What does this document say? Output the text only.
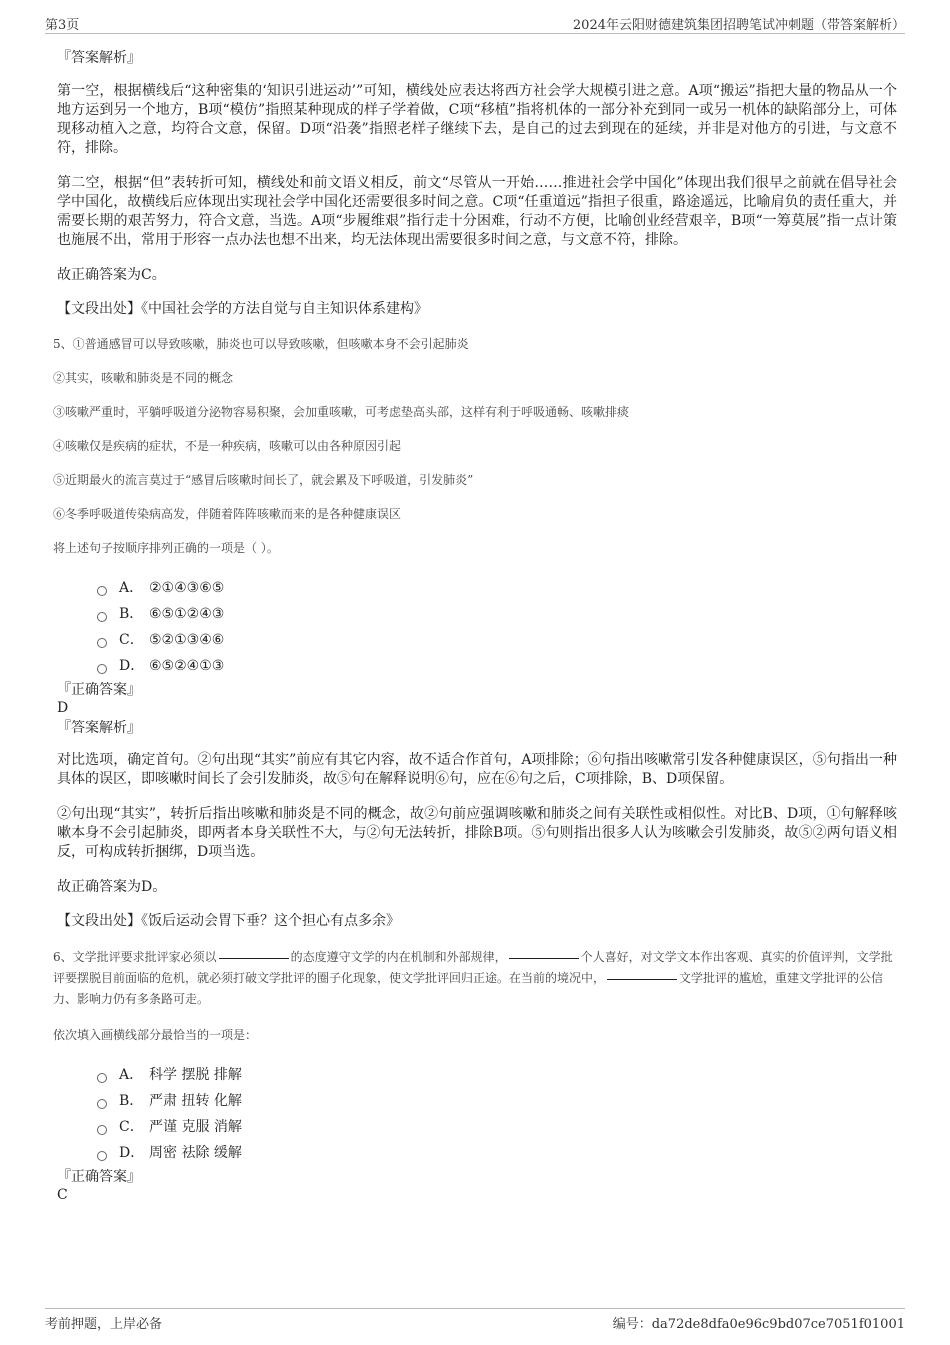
第3页	2024年云阳财德建筑集团招聘笔试冲刺题（带答案解析）
『答案解析』

第一空，根据横线后“这种密集的‘知识引进运动’”可知，横线处应表达将西方社会学大规模引进之意。A项“搬运”指把大量的物品从一个地方运到另一个地方，B项“模仿”指照某种现成的样子学着做，C项“移植”指将机体的一部分补充到同一或另一机体的缺陷部分上，可体现移动植入之意，均符合文意，保留。D项“沿袭”指照老样子继续下去，是自己的过去到现在的延续，并非是对他方的引进，与文意不符，排除。

第二空，根据“但”表转折可知，横线处和前文语义相反，前文“尽管从一开始……推进社会学中国化”体现出我们很早之前就在倡导社会学中国化，故横线后应体现出实现社会学中国化还需要很多时间之意。C项“任重道远”指担子很重，路途遥远，比喻肩负的责任重大，并需要长期的艰苦努力，符合文意，当选。A项“步履维艰”指行走十分困难，行动不方便，比喻创业经营艰辛，B项“一筹莫展”指一点计策也施展不出，常用于形容一点办法也想不出来，均无法体现出需要很多时间之意，与文意不符，排除。

故正确答案为C。

【文段出处】《中国社会学的方法自觉与自主知识体系建构》
5、①普通感冒可以导致咳嗽，肺炎也可以导致咳嗽，但咳嗽本身不会引起肺炎
②其实，咳嗽和肺炎是不同的概念
③咳嗽严重时，平躺呼吸道分泌物容易积聚，会加重咳嗽，可考虑垫高头部，这样有利于呼吸通畅、咳嗽排痰
④咳嗽仅是疾病的症状，不是一种疾病，咳嗽可以由各种原因引起
⑤近期最火的流言莫过于“感冒后咳嗽时间长了，就会累及下呼吸道，引发肺炎”
⑥冬季呼吸道传染病高发，伴随着阵阵咳嗽而来的是各种健康误区
将上述句子按顺序排列正确的一项是（ ）。
A． ②①④③⑥⑤
B． ⑥⑤①②④③
C． ⑤②①③④⑥
D． ⑥⑤②④①③
『正确答案』
D
『答案解析』

对比选项，确定首句。②句出现“其实”前应有其它内容，故不适合作首句，A项排除；⑥句指出咳嗽常引发各种健康误区，⑤句指出一种具体的误区，即咳嗽时间长了会引发肺炎，故⑤句在解释说明⑥句，应在⑥句之后，C项排除，B、D项保留。

②句出现“其实”，转折后指出咳嗽和肺炎是不同的概念，故②句前应强调咳嗽和肺炎之间有关联性或相似性。对比B、D项，①句解释咳嗽本身不会引起肺炎，即两者本身关联性不大，与②句无法转折，排除B项。⑤句则指出很多人认为咳嗽会引发肺炎，故⑤②两句语义相反，可构成转折捆绑，D项当选。

故正确答案为D。

【文段出处】《饭后运动会胃下垂？这个担心有点多余》
6、文学批评要求批评家必须以	的态度遵守文学的内在机制和外部规律，	个人喜好，对文学文本作出客观、真实的价值评判，文学批评要摆脱目前面临的危机，就必须打破文学批评的圈子化现象，使文学批评回归正途。在当前的境况中，	文学批评的尴尬，重建文学批评的公信力、影响力仍有多条路可走。
依次填入画横线部分最恰当的一项是：
A． 科学 摆脱 排解
B． 严肃 扭转 化解
C． 严谨 克服 消解
D． 周密 祛除 缓解
『正确答案』
C
考前押题，上岸必备	编号：da72de8dfa0e96c9bd07ce7051f01001
